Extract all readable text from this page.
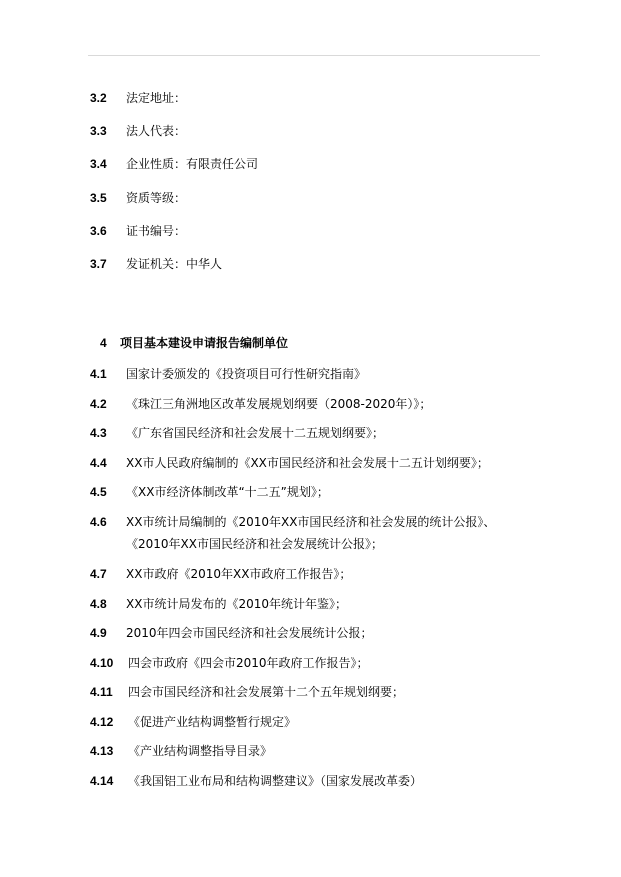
3.2 法定地址：
3.3 法人代表：
3.4 企业性质：有限责任公司
3.5 资质等级：
3.6 证书编号：
3.7 发证机关：中华人
4 项目基本建设申请报告编制单位
4.1 国家计委颁发的《投资项目可行性研究指南》
4.2 《珠江三角洲地区改革发展规划纲要（2008-2020年）》；
4.3 《广东省国民经济和社会发展十二五规划纲要》；
4.4 XX市人民政府编制的《XX市国民经济和社会发展十二五计划纲要》；
4.5 《XX市经济体制改革“十二五”规划》；
4.6 XX市统计局编制的《2010年XX市国民经济和社会发展的统计公报》、
《2010年XX市国民经济和社会发展统计公报》；
4.7 XX市政府《2010年XX市政府工作报告》；
4.8 XX市统计局发布的《2010年统计年鉴》；
4.9 2010年四会市国民经济和社会发展统计公报；
4.10 四会市政府《四会市2010年政府工作报告》；
4.11 四会市国民经济和社会发展第十二个五年规划纲要；
4.12 《促进产业结构调整暂行规定》
4.13 《产业结构调整指导目录》
4.14 《我国铝工业布局和结构调整建议》（国家发展改革委）
